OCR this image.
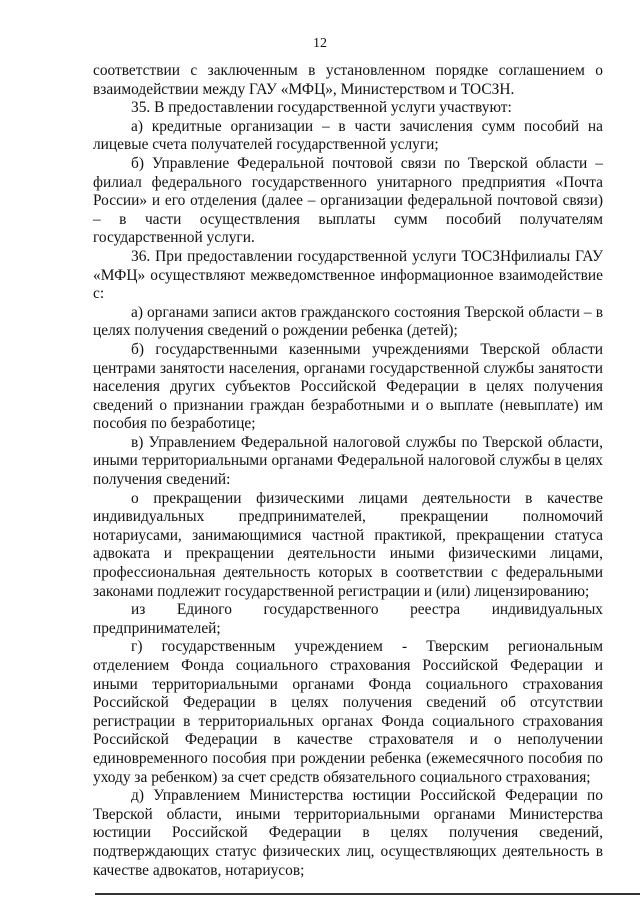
12

соответствии с заключенным в установленном порядке соглашением о взаимодействии между ГАУ «МФЦ», Министерством и ТОСЗН.

35. В предоставлении государственной услуги участвуют:

а) кредитные организации – в части зачисления сумм пособий на лицевые счета получателей государственной услуги;

б) Управление Федеральной почтовой связи по Тверской области – филиал федерального государственного унитарного предприятия «Почта России» и его отделения (далее – организации федеральной почтовой связи) – в части осуществления выплаты сумм пособий получателям государственной услуги.

36. При предоставлении государственной услуги ТОСЗНфилиалы ГАУ «МФЦ» осуществляют межведомственное информационное взаимодействие с:

а) органами записи актов гражданского состояния Тверской области – в целях получения сведений о рождении ребенка (детей);

б) государственными казенными учреждениями Тверской области центрами занятости населения, органами государственной службы занятости населения других субъектов Российской Федерации в целях получения сведений о признании граждан безработными и о выплате (невыплате) им пособия по безработице;

в) Управлением Федеральной налоговой службы по Тверской области, иными территориальными органами Федеральной налоговой службы в целях получения сведений:

о прекращении физическими лицами деятельности в качестве индивидуальных предпринимателей, прекращении полномочий нотариусами, занимающимися частной практикой, прекращении статуса адвоката и прекращении деятельности иными физическими лицами, профессиональная деятельность которых в соответствии с федеральными законами подлежит государственной регистрации и (или) лицензированию;

из Единого государственного реестра индивидуальных предпринимателей;

г) государственным учреждением - Тверским региональным отделением Фонда социального страхования Российской Федерации и иными территориальными органами Фонда социального страхования Российской Федерации в целях получения сведений об отсутствии регистрации в территориальных органах Фонда социального страхования Российской Федерации в качестве страхователя и о неполучении единовременного пособия при рождении ребенка (ежемесячного пособия по уходу за ребенком) за счет средств обязательного социального страхования;

д) Управлением Министерства юстиции Российской Федерации по Тверской области, иными территориальными органами Министерства юстиции Российской Федерации в целях получения сведений, подтверждающих статус физических лиц, осуществляющих деятельность в качестве адвокатов, нотариусов;
